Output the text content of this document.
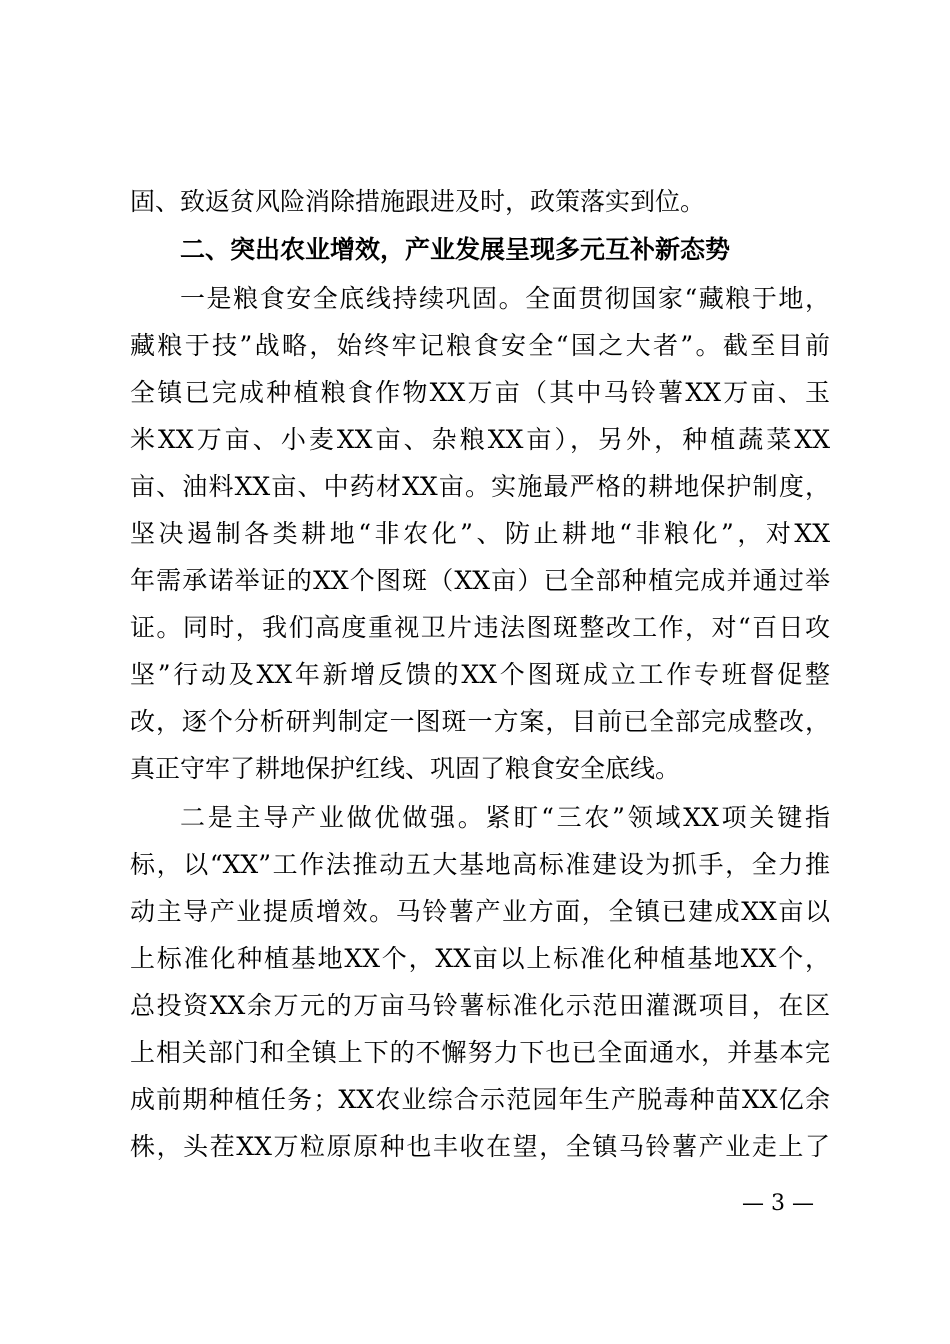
固、致返贫风险消除措施跟进及时，政策落实到位。
二、突出农业增效，产业发展呈现多元互补新态势
一是粮食安全底线持续巩固。全面贯彻国家“藏粮于地，
藏粮于技”战略，始终牢记粮食安全“国之大者”。截至目前
全镇已完成种植粮食作物XX万亩（其中马铃薯XX万亩、玉
米XX万亩、小麦XX亩、杂粮XX亩），另外，种植蔬菜XX
亩、油料XX亩、中药材XX亩。实施最严格的耕地保护制度，
坚决遏制各类耕地“非农化”、防止耕地“非粮化”，对XX
年需承诺举证的XX个图斑（XX亩）已全部种植完成并通过举
证。同时，我们高度重视卫片违法图斑整改工作，对“百日攻
坚”行动及XX年新增反馈的XX个图斑成立工作专班督促整
改，逐个分析研判制定一图斑一方案，目前已全部完成整改，
真正守牢了耕地保护红线、巩固了粮食安全底线。
二是主导产业做优做强。紧盯“三农”领域XX项关键指
标，以“XX”工作法推动五大基地高标准建设为抓手，全力推
动主导产业提质增效。马铃薯产业方面，全镇已建成XX亩以
上标准化种植基地XX个，XX亩以上标准化种植基地XX个，
总投资XX余万元的万亩马铃薯标准化示范田灌溉项目，在区
上相关部门和全镇上下的不懈努力下也已全面通水，并基本完
成前期种植任务；XX农业综合示范园年生产脱毒种苗XX亿余
株，头茬XX万粒原原种也丰收在望，全镇马铃薯产业走上了
— 3 —
